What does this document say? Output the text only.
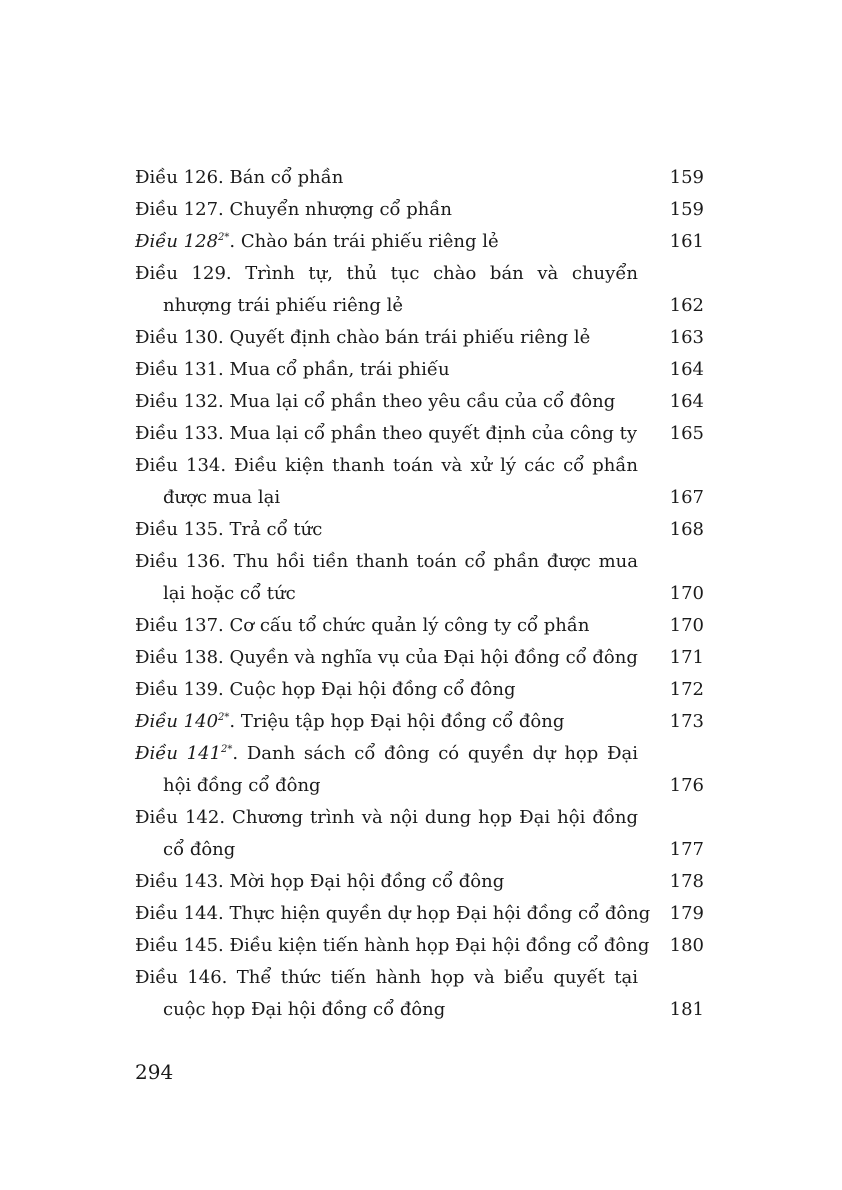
Điều 126. Bán cổ phần	159
Điều 127. Chuyển nhượng cổ phần	159
Điều $128^{2*}$. Chào bán trái phiếu riêng lẻ	161
Điều 129. Trình tự, thủ tục chào bán và chuyển
nhượng trái phiếu riêng lẻ	162
Điều 130. Quyết định chào bán trái phiếu riêng lẻ	163
Điều 131. Mua cổ phần, trái phiếu	164
Điều 132. Mua lại cổ phần theo yêu cầu của cổ đông	164
Điều 133. Mua lại cổ phần theo quyết định của công ty	165
Điều 134. Điều kiện thanh toán và xử lý các cổ phần
được mua lại	167
Điều 135. Trả cổ tức	168
Điều 136. Thu hồi tiền thanh toán cổ phần được mua
lại hoặc cổ tức	170
Điều 137. Cơ cấu tổ chức quản lý công ty cổ phần	170
Điều 138. Quyền và nghĩa vụ của Đại hội đồng cổ đông	171
Điều 139. Cuộc họp Đại hội đồng cổ đông	172
Điều $140^{2*}$. Triệu tập họp Đại hội đồng cổ đông	173
Điều $141^{2*}$. Danh sách cổ đông có quyền dự họp Đại
hội đồng cổ đông	176
Điều 142. Chương trình và nội dung họp Đại hội đồng
cổ đông	177
Điều 143. Mời họp Đại hội đồng cổ đông	178
Điều 144. Thực hiện quyền dự họp Đại hội đồng cổ đông	179
Điều 145. Điều kiện tiến hành họp Đại hội đồng cổ đông	180
Điều 146. Thể thức tiến hành họp và biểu quyết tại
cuộc họp Đại hội đồng cổ đông	181
294
